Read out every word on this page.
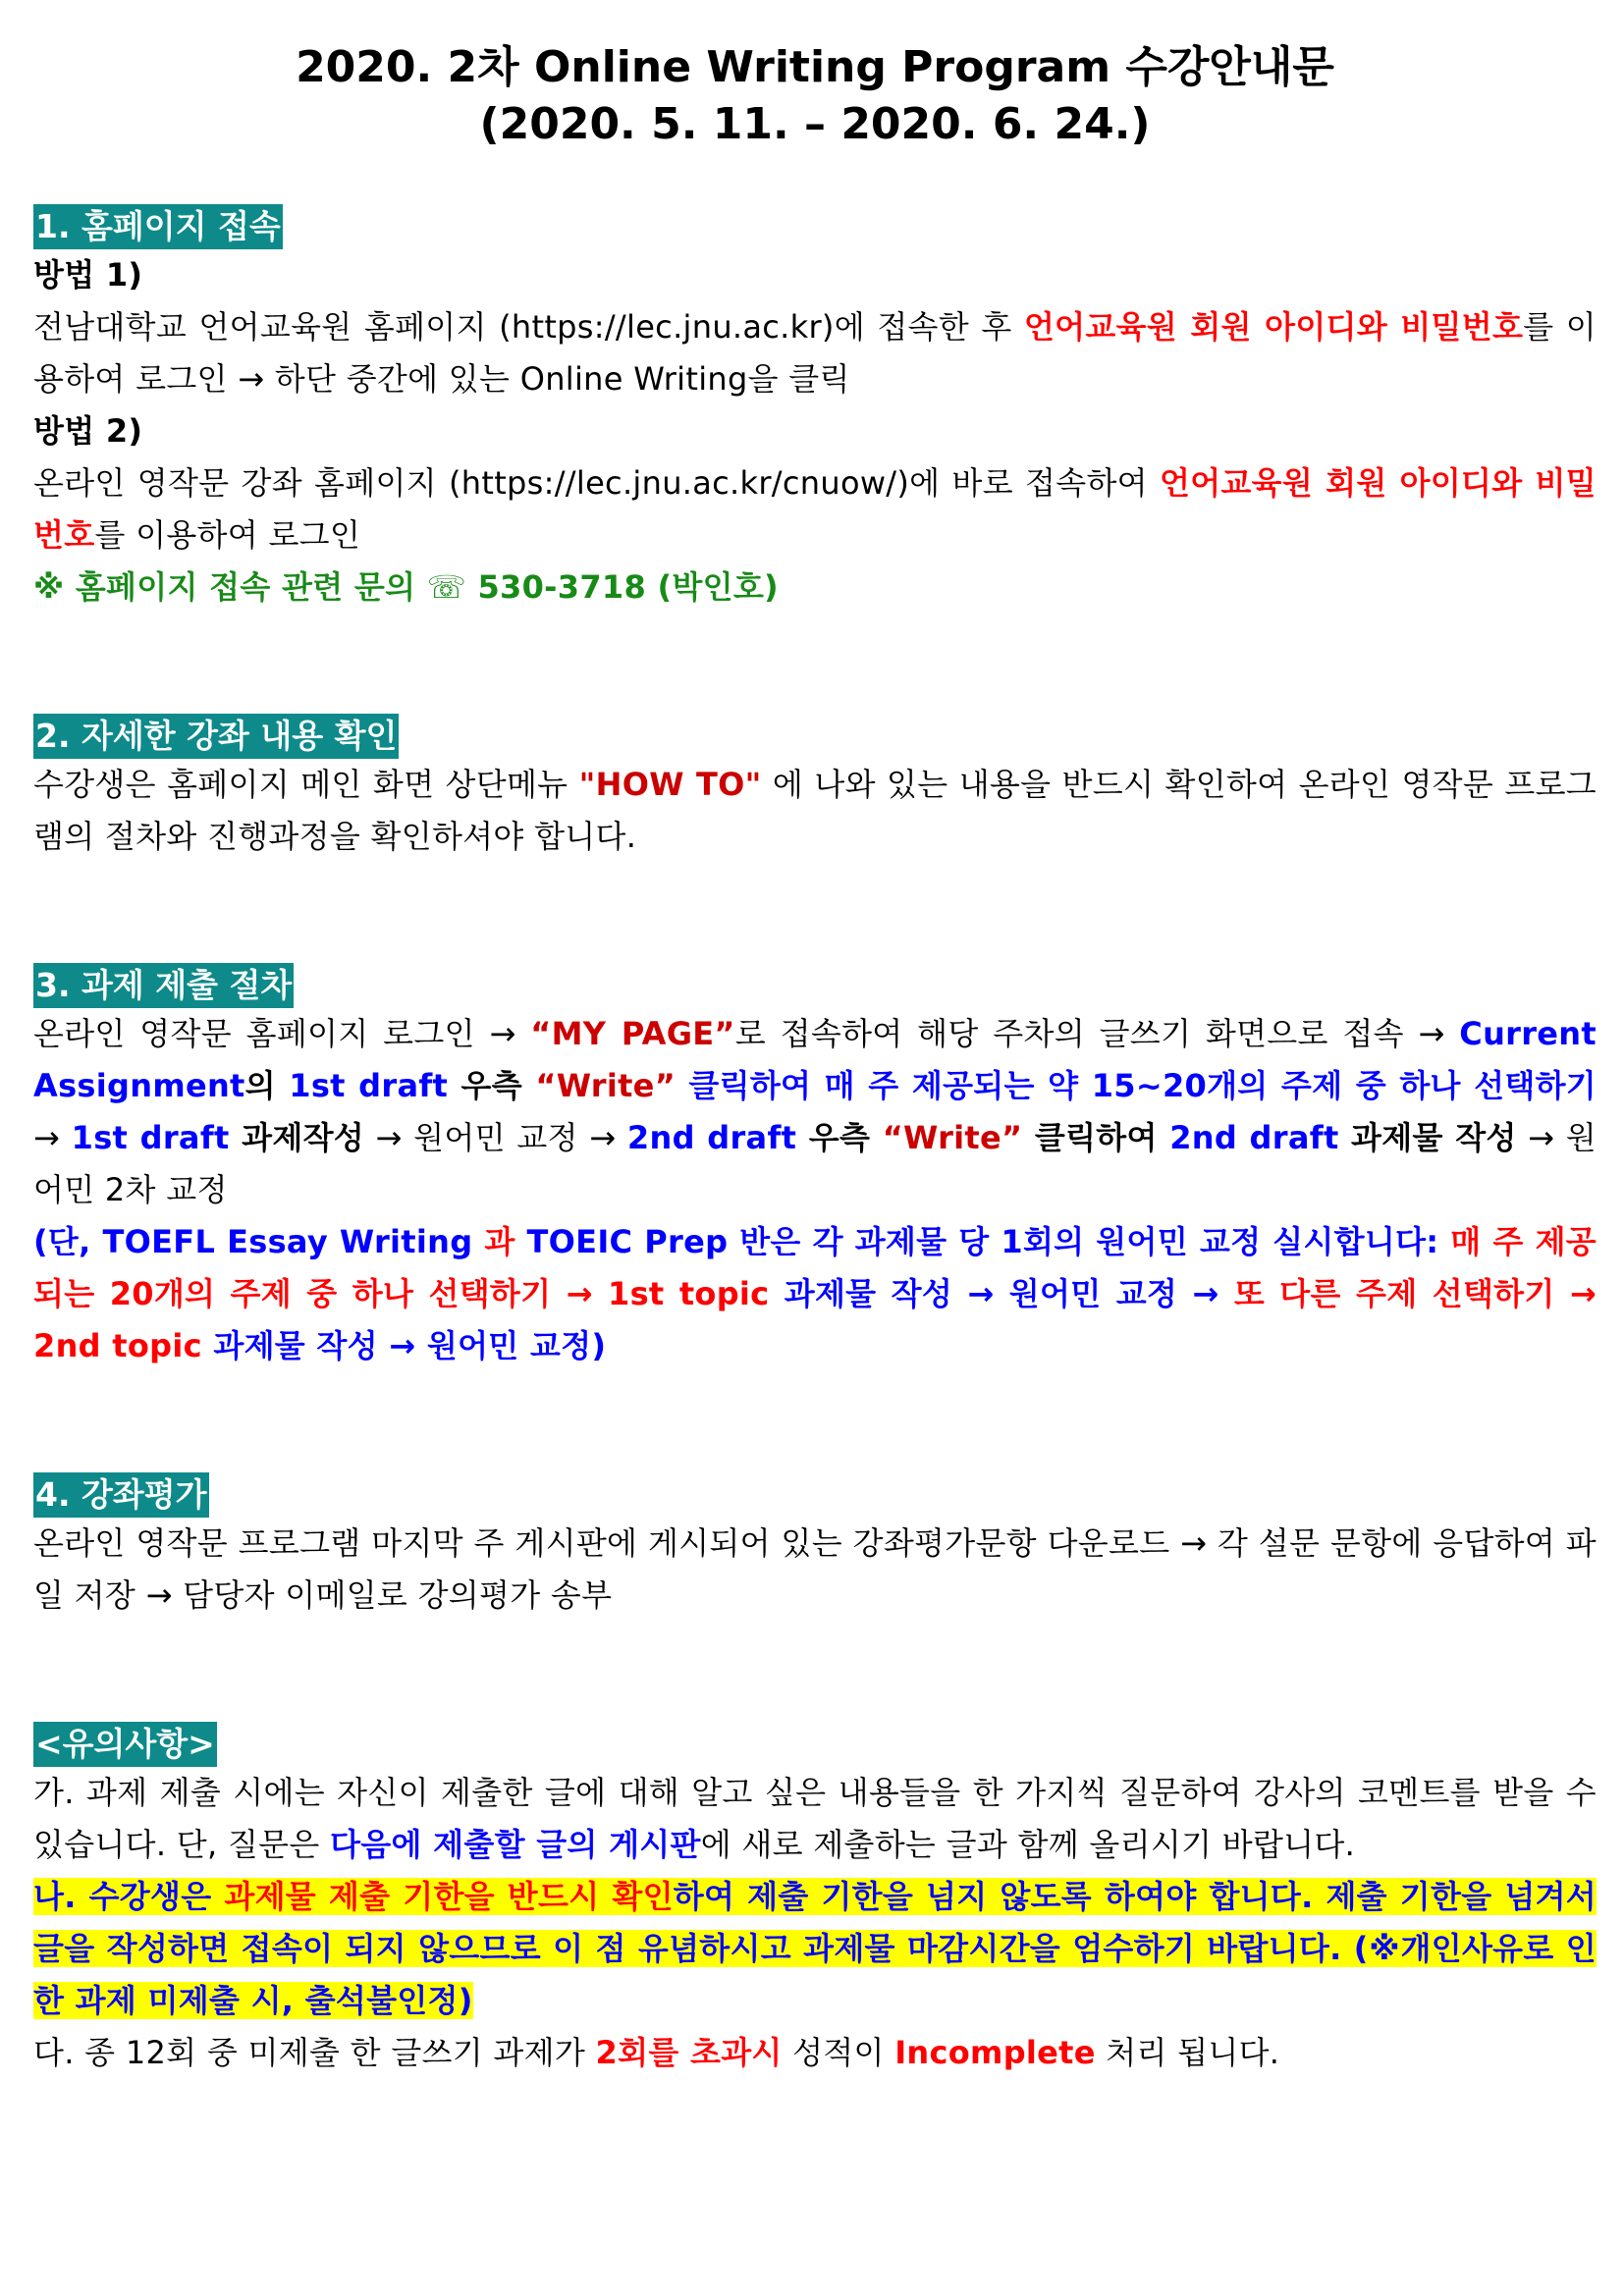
2020. 2차 Online Writing Program 수강안내문
(2020. 5. 11. – 2020. 6. 24.)
1. 홈페이지 접속

방법 1)

전남대학교 언어교육원 홈페이지 (https://lec.jnu.ac.kr)에 접속한 후 언어교육원 회원 아이디와 비밀번호를 이용하여 로그인 → 하단 중간에 있는 Online Writing을 클릭

방법 2)

온라인 영작문 강좌 홈페이지 (https://lec.jnu.ac.kr/cnuow/)에 바로 접속하여 언어교육원 회원 아이디와 비밀번호를 이용하여 로그인

※ 홈페이지 접속 관련 문의 ☏ 530-3718 (박인호)

2. 자세한 강좌 내용 확인

수강생은 홈페이지 메인 화면 상단메뉴 "HOW TO" 에 나와 있는 내용을 반드시 확인하여 온라인 영작문 프로그램의 절차와 진행과정을 확인하셔야 합니다.

3. 과제 제출 절차

온라인 영작문 홈페이지 로그인 → “MY PAGE”로 접속하여 해당 주차의 글쓰기 화면으로 접속 → Current Assignment의 1st draft 우측 “Write” 클릭하여 매 주 제공되는 약 15~20개의 주제 중 하나 선택하기 → 1st draft 과제작성 → 원어민 교정 → 2nd draft 우측 “Write” 클릭하여 2nd draft 과제물 작성 → 원어민 2차 교정

(단, TOEFL Essay Writing 과 TOEIC Prep 반은 각 과제물 당 1회의 원어민 교정 실시합니다: 매 주 제공되는 20개의 주제 중 하나 선택하기 → 1st topic 과제물 작성 → 원어민 교정 → 또 다른 주제 선택하기 → 2nd topic 과제물 작성 → 원어민 교정)

4. 강좌평가

온라인 영작문 프로그램 마지막 주 게시판에 게시되어 있는 강좌평가문항 다운로드 → 각 설문 문항에 응답하여 파일 저장 → 담당자 이메일로 강의평가 송부

<유의사항>

가. 과제 제출 시에는 자신이 제출한 글에 대해 알고 싶은 내용들을 한 가지씩 질문하여 강사의 코멘트를 받을 수 있습니다. 단, 질문은 다음에 제출할 글의 게시판에 새로 제출하는 글과 함께 올리시기 바랍니다.

나. 수강생은 과제물 제출 기한을 반드시 확인하여 제출 기한을 넘지 않도록 하여야 합니다. 제출 기한을 넘겨서 글을 작성하면 접속이 되지 않으므로 이 점 유념하시고 과제물 마감시간을 엄수하기 바랍니다. (※개인사유로 인한 과제 미제출 시, 출석불인정)

다. 종 12회 중 미제출 한 글쓰기 과제가 2회를 초과시 성적이 Incomplete 처리 됩니다.
